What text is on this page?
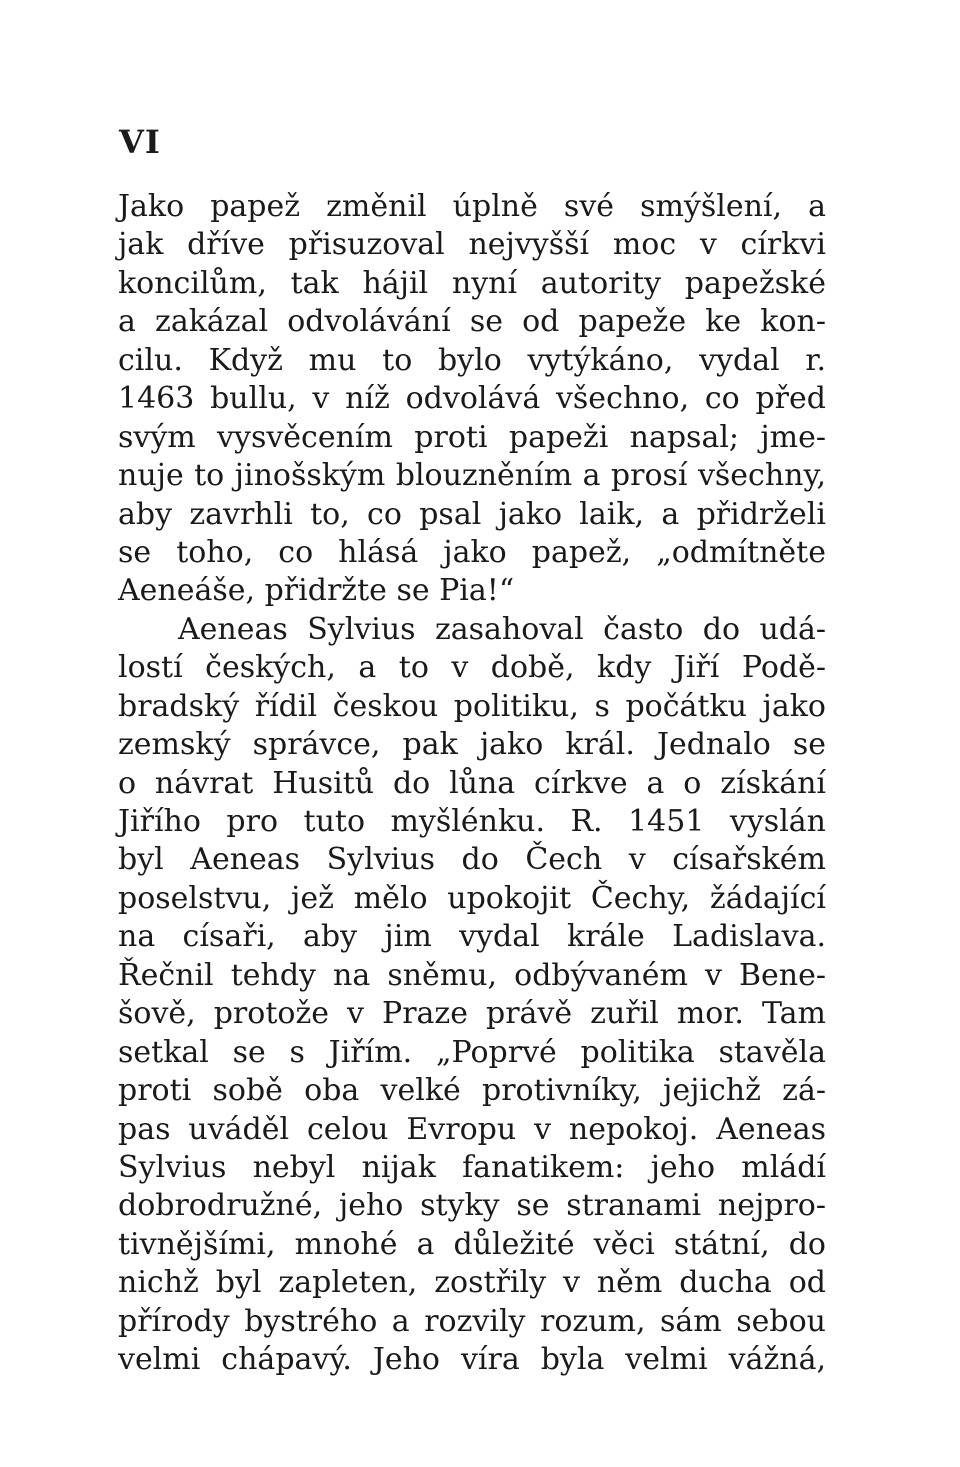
VI
Jako papež změnil úplně své smýšlení, a
jak dříve přisuzoval nejvyšší moc v církvi
koncilům, tak hájil nyní autority papežské
a zakázal odvolávání se od papeže ke kon-
cilu. Když mu to bylo vytýkáno, vydal r.
1463 bullu, v níž odvolává všechno, co před
svým vysvěcením proti papeži napsal; jme-
nuje to jinošským blouzněním a prosí všechny,
aby zavrhli to, co psal jako laik, a přidrželi
se toho, co hlásá jako papež, „odmítněte
Aeneáše, přidržte se Pia!“
Aeneas Sylvius zasahoval často do udá-
lostí českých, a to v době, kdy Jiří Podě-
bradský řídil českou politiku, s počátku jako
zemský správce, pak jako král. Jednalo se
o návrat Husitů do lůna církve a o získání
Jiřího pro tuto myšlénku. R. 1451 vyslán
byl Aeneas Sylvius do Čech v císařském
poselstvu, jež mělo upokojit Čechy, žádající
na císaři, aby jim vydal krále Ladislava.
Řečnil tehdy na sněmu, odbývaném v Bene-
šově, protože v Praze právě zuřil mor. Tam
setkal se s Jiřím. „Poprvé politika stavěla
proti sobě oba velké protivníky, jejichž zá-
pas uváděl celou Evropu v nepokoj. Aeneas
Sylvius nebyl nijak fanatikem: jeho mládí
dobrodružné, jeho styky se stranami nejpro-
tivnějšími, mnohé a důležité věci státní, do
nichž byl zapleten, zostřily v něm ducha od
přírody bystrého a rozvily rozum, sám sebou
velmi chápavý. Jeho víra byla velmi vážná,
